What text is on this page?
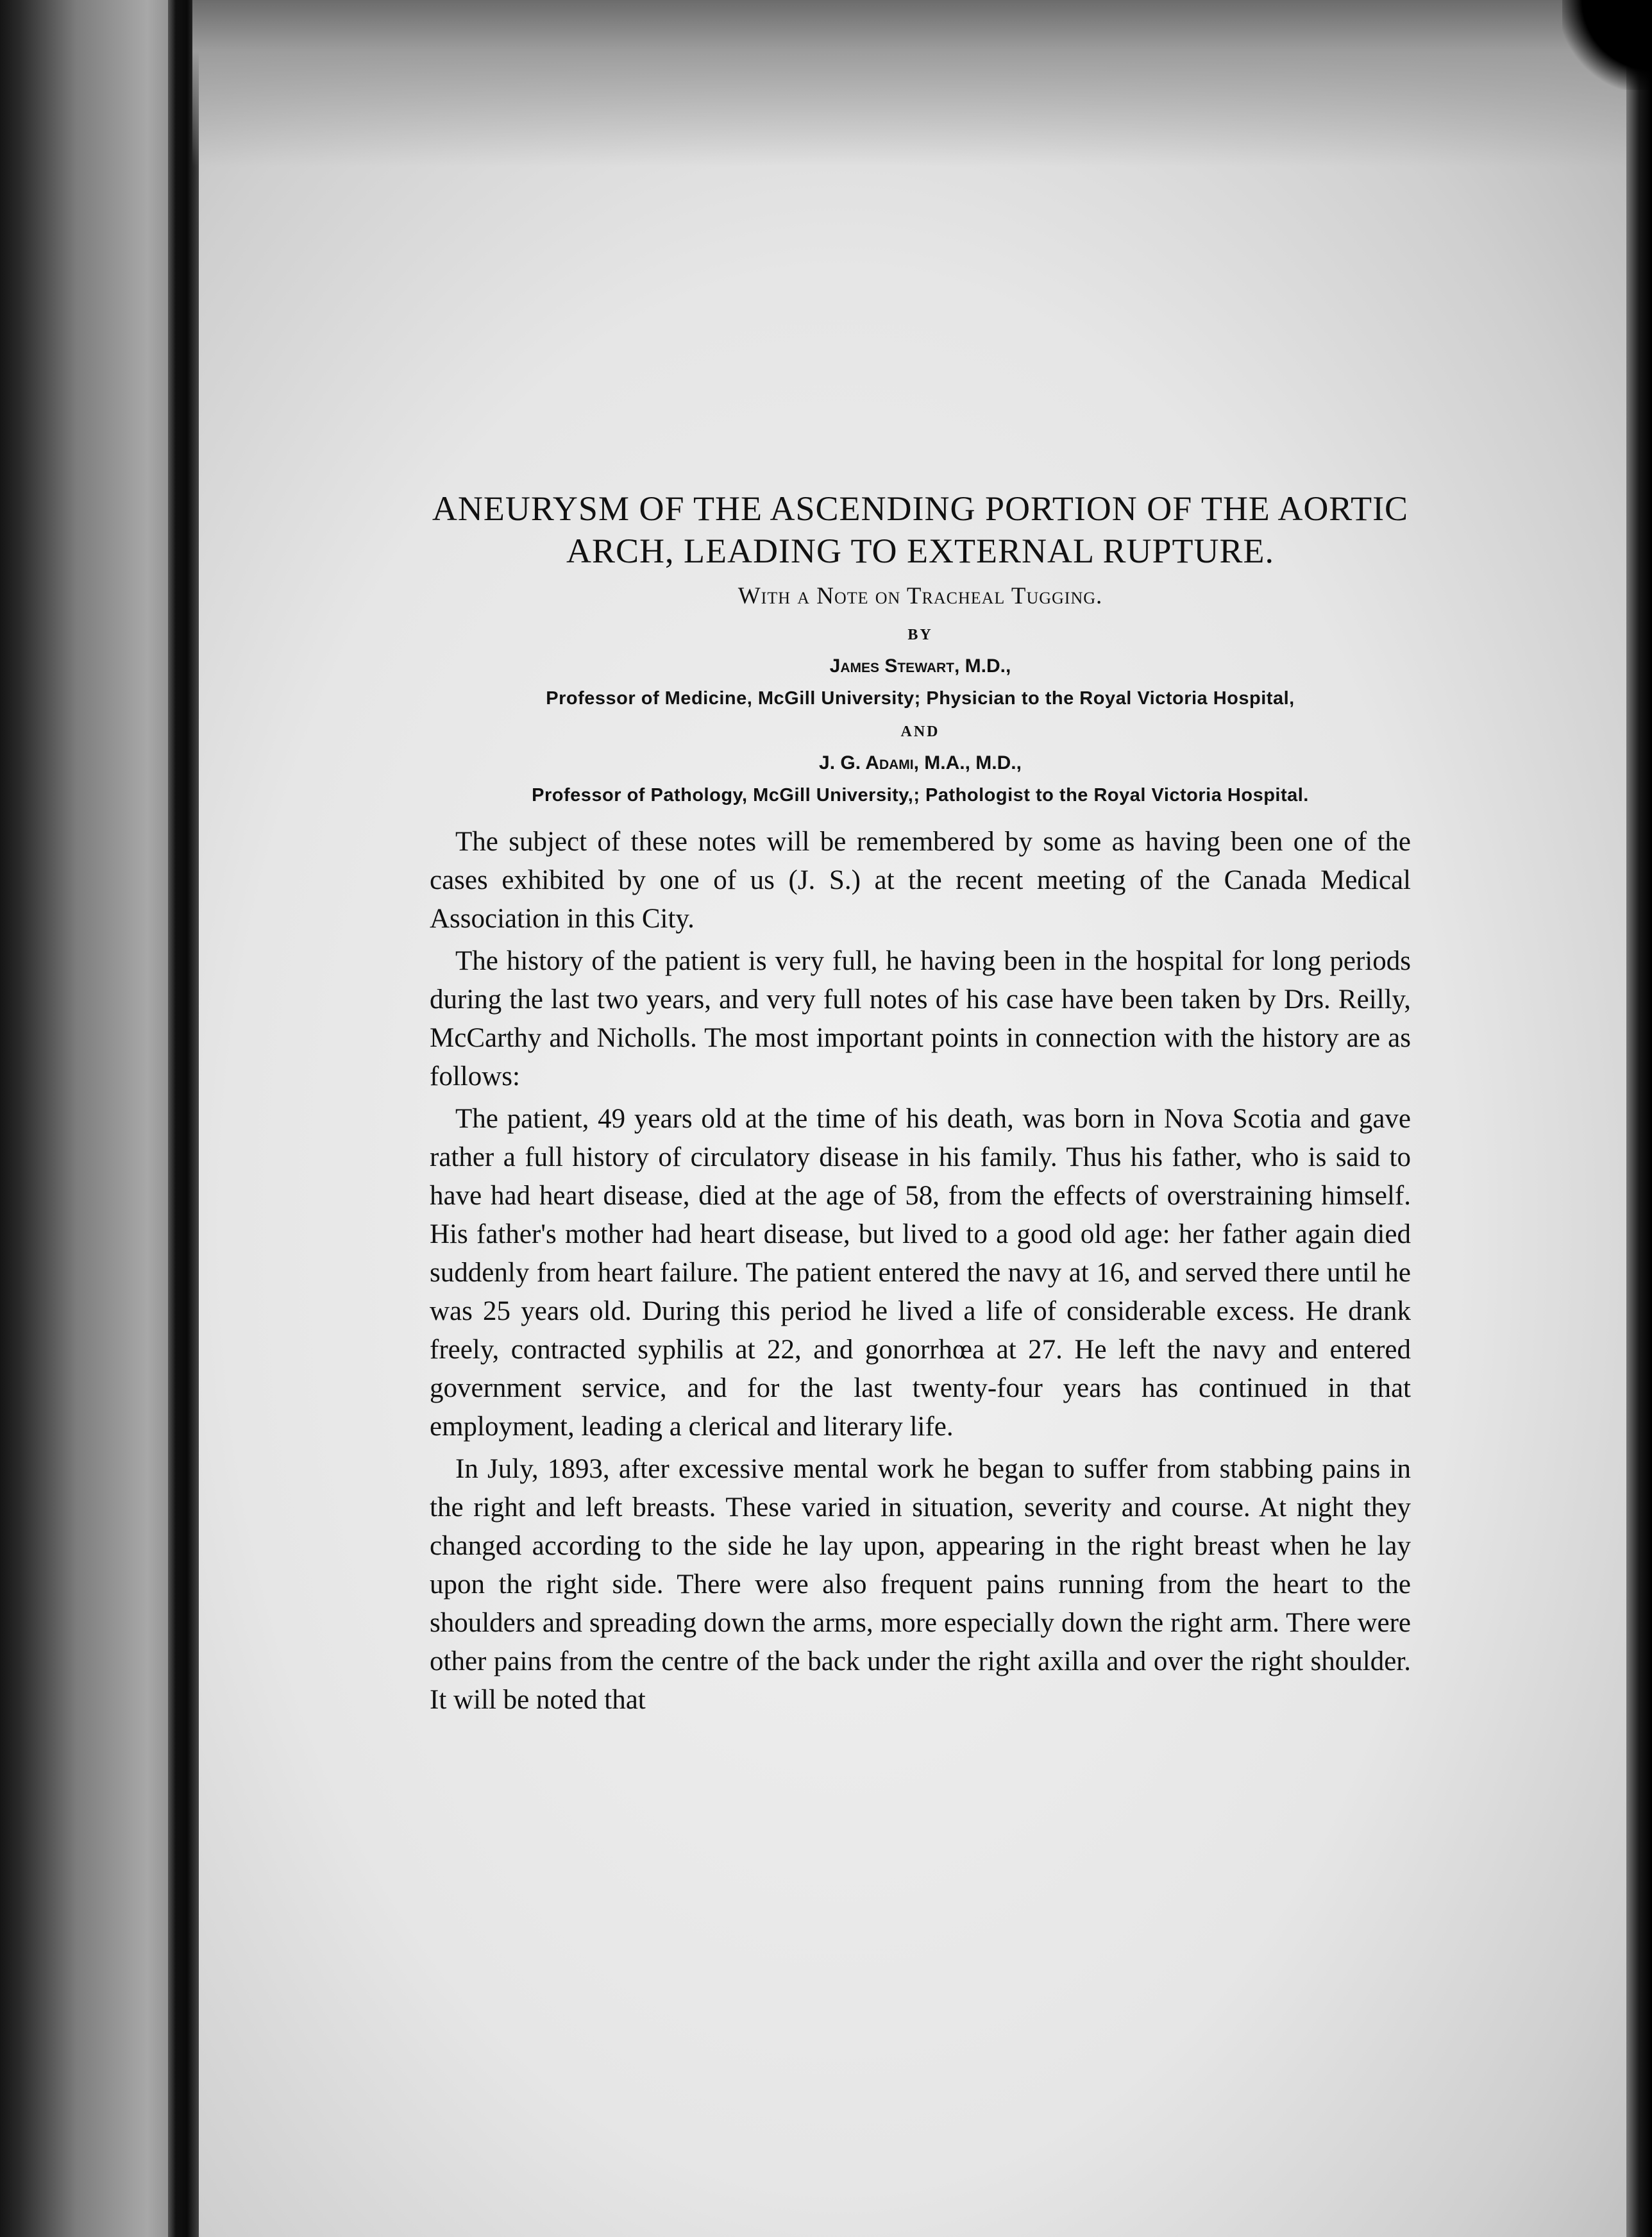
ANEURYSM OF THE ASCENDING PORTION OF THE AORTIC ARCH, LEADING TO EXTERNAL RUPTURE.
With a Note on Tracheal Tugging.
BY
James Stewart, M.D.,
Professor of Medicine, McGill University; Physician to the Royal Victoria Hospital,
AND
J. G. Adami, M.A., M.D.,
Professor of Pathology, McGill University,; Pathologist to the Royal Victoria Hospital.

The subject of these notes will be remembered by some as having been one of the cases exhibited by one of us (J. S.) at the recent meeting of the Canada Medical Association in this City.

The history of the patient is very full, he having been in the hospital for long periods during the last two years, and very full notes of his case have been taken by Drs. Reilly, McCarthy and Nicholls. The most important points in connection with the history are as follows:

The patient, 49 years old at the time of his death, was born in Nova Scotia and gave rather a full history of circulatory disease in his family. Thus his father, who is said to have had heart disease, died at the age of 58, from the effects of overstraining himself. His father's mother had heart disease, but lived to a good old age: her father again died suddenly from heart failure. The patient entered the navy at 16, and served there until he was 25 years old. During this period he lived a life of considerable excess. He drank freely, contracted syphilis at 22, and gonorrhœa at 27. He left the navy and entered government service, and for the last twenty-four years has continued in that employment, leading a clerical and literary life.

In July, 1893, after excessive mental work he began to suffer from stabbing pains in the right and left breasts. These varied in situation, severity and course. At night they changed according to the side he lay upon, appearing in the right breast when he lay upon the right side. There were also frequent pains running from the heart to the shoulders and spreading down the arms, more especially down the right arm. There were other pains from the centre of the back under the right axilla and over the right shoulder. It will be noted that
